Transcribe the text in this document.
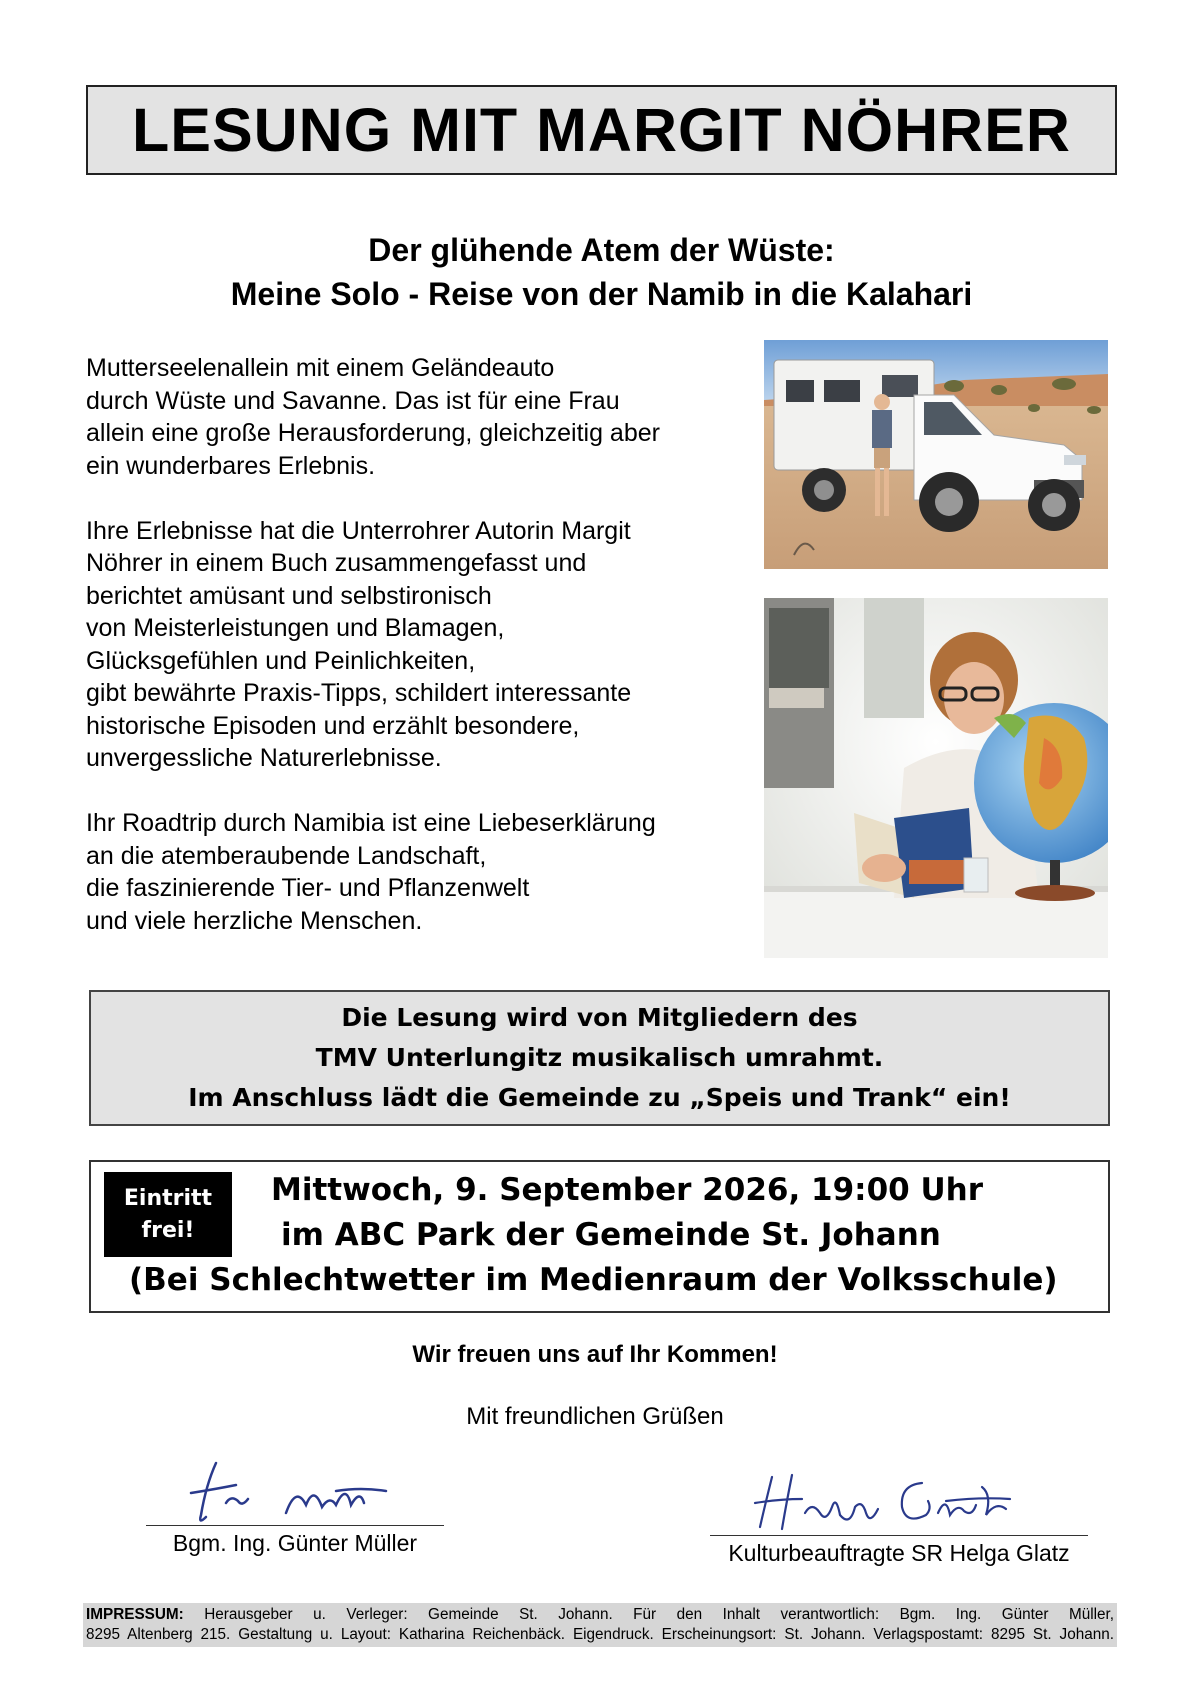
LESUNG MIT MARGIT NÖHRER
Der glühende Atem der Wüste:
Meine Solo - Reise von der Namib in die Kalahari

Mutterseelenallein mit einem Geländeauto
durch Wüste und Savanne. Das ist für eine Frau
allein eine große Herausforderung, gleichzeitig aber
ein wunderbares Erlebnis.

Ihre Erlebnisse hat die Unterrohrer Autorin Margit
Nöhrer in einem Buch zusammengefasst und
berichtet amüsant und selbstironisch
von Meisterleistungen und Blamagen,
Glücksgefühlen und Peinlichkeiten,
gibt bewährte Praxis-Tipps, schildert interessante
historische Episoden und erzählt besondere,
unvergessliche Naturerlebnisse.

Ihr Roadtrip durch Namibia ist eine Liebeserklärung
an die atemberaubende Landschaft,
die faszinierende Tier- und Pflanzenwelt
und viele herzliche Menschen.

Die Lesung wird von Mitgliedern des
TMV Unterlungitz musikalisch umrahmt.
Im Anschluss lädt die Gemeinde zu „Speis und Trank“ ein!
Eintritt
frei!
Mittwoch, 9. September 2026, 19:00 Uhr
im ABC Park der Gemeinde St. Johann
(Bei Schlechtwetter im Medienraum der Volksschule)
Wir freuen uns auf Ihr Kommen!
Mit freundlichen Grüßen
Bgm. Ing. Günter Müller	Kulturbeauftragte SR Helga Glatz
IMPRESSUM: Herausgeber u. Verleger: Gemeinde St. Johann. Für den Inhalt verantwortlich: Bgm. Ing. Günter Müller,
8295 Altenberg 215. Gestaltung u. Layout: Katharina Reichenbäck. Eigendruck. Erscheinungsort: St. Johann. Verlagspostamt: 8295 St. Johann.
